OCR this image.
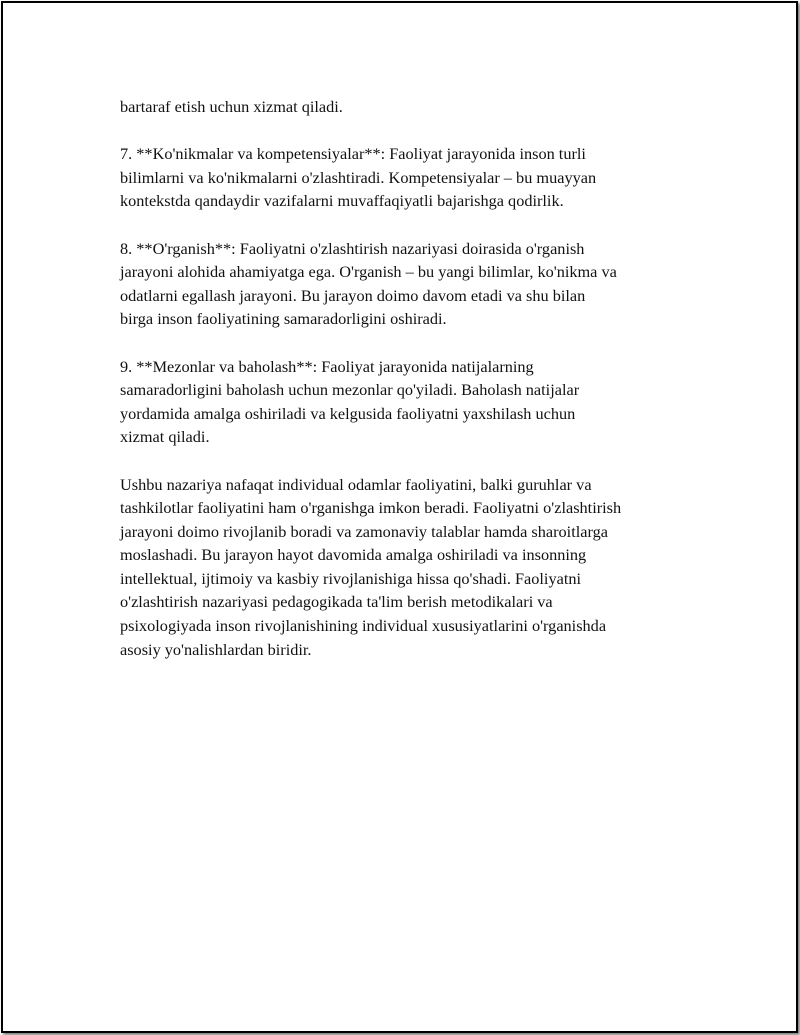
bartaraf etish uchun xizmat qiladi.

7. **Ko'nikmalar va kompetensiyalar**: Faoliyat jarayonida inson turli
bilimlarni va ko'nikmalarni o'zlashtiradi. Kompetensiyalar – bu muayyan
kontekstda qandaydir vazifalarni muvaffaqiyatli bajarishga qodirlik.

8. **O'rganish**: Faoliyatni o'zlashtirish nazariyasi doirasida o'rganish
jarayoni alohida ahamiyatga ega. O'rganish – bu yangi bilimlar, ko'nikma va
odatlarni egallash jarayoni. Bu jarayon doimo davom etadi va shu bilan
birga inson faoliyatining samaradorligini oshiradi.

9. **Mezonlar va baholash**: Faoliyat jarayonida natijalarning
samaradorligini baholash uchun mezonlar qo'yiladi. Baholash natijalar
yordamida amalga oshiriladi va kelgusida faoliyatni yaxshilash uchun
xizmat qiladi.

Ushbu nazariya nafaqat individual odamlar faoliyatini, balki guruhlar va
tashkilotlar faoliyatini ham o'rganishga imkon beradi. Faoliyatni o'zlashtirish
jarayoni doimo rivojlanib boradi va zamonaviy talablar hamda sharoitlarga
moslashadi. Bu jarayon hayot davomida amalga oshiriladi va insonning
intellektual, ijtimoiy va kasbiy rivojlanishiga hissa qo'shadi. Faoliyatni
o'zlashtirish nazariyasi pedagogikada ta'lim berish metodikalari va
psixologiyada inson rivojlanishining individual xususiyatlarini o'rganishda
asosiy yo'nalishlardan biridir.
